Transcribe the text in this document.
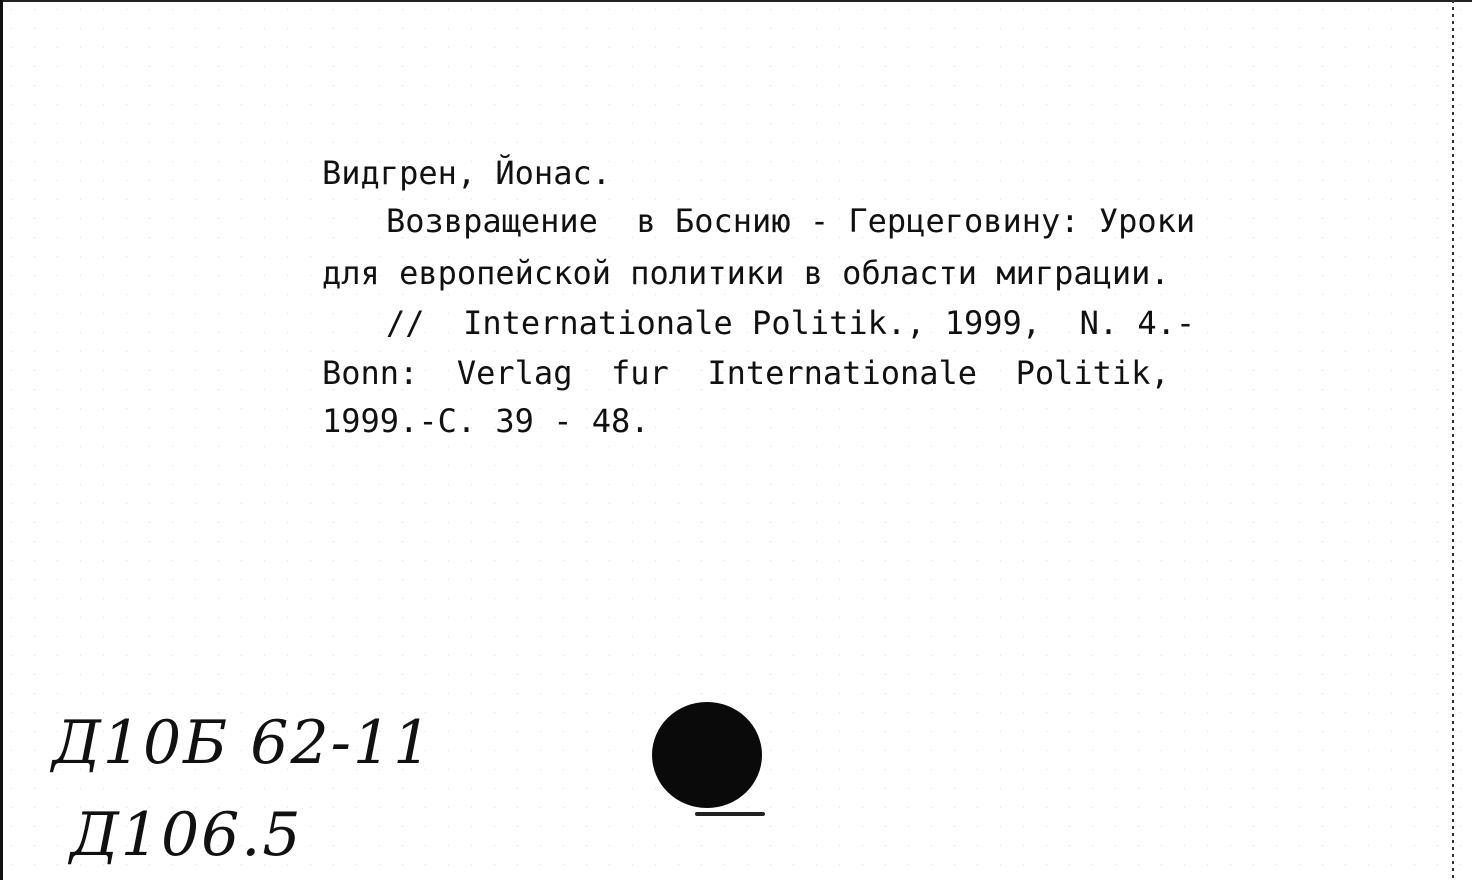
Видгрен, Йонас.
Возвращение  в Боснию - Герцеговину: Уроки
для европейской политики в области миграции.
//  Internationale Politik., 1999,  N. 4.-
Bonn:  Verlag  fur  Internationale  Politik,
1999.-С. 39 - 48.
Д10Б 62-11
Д106.5
